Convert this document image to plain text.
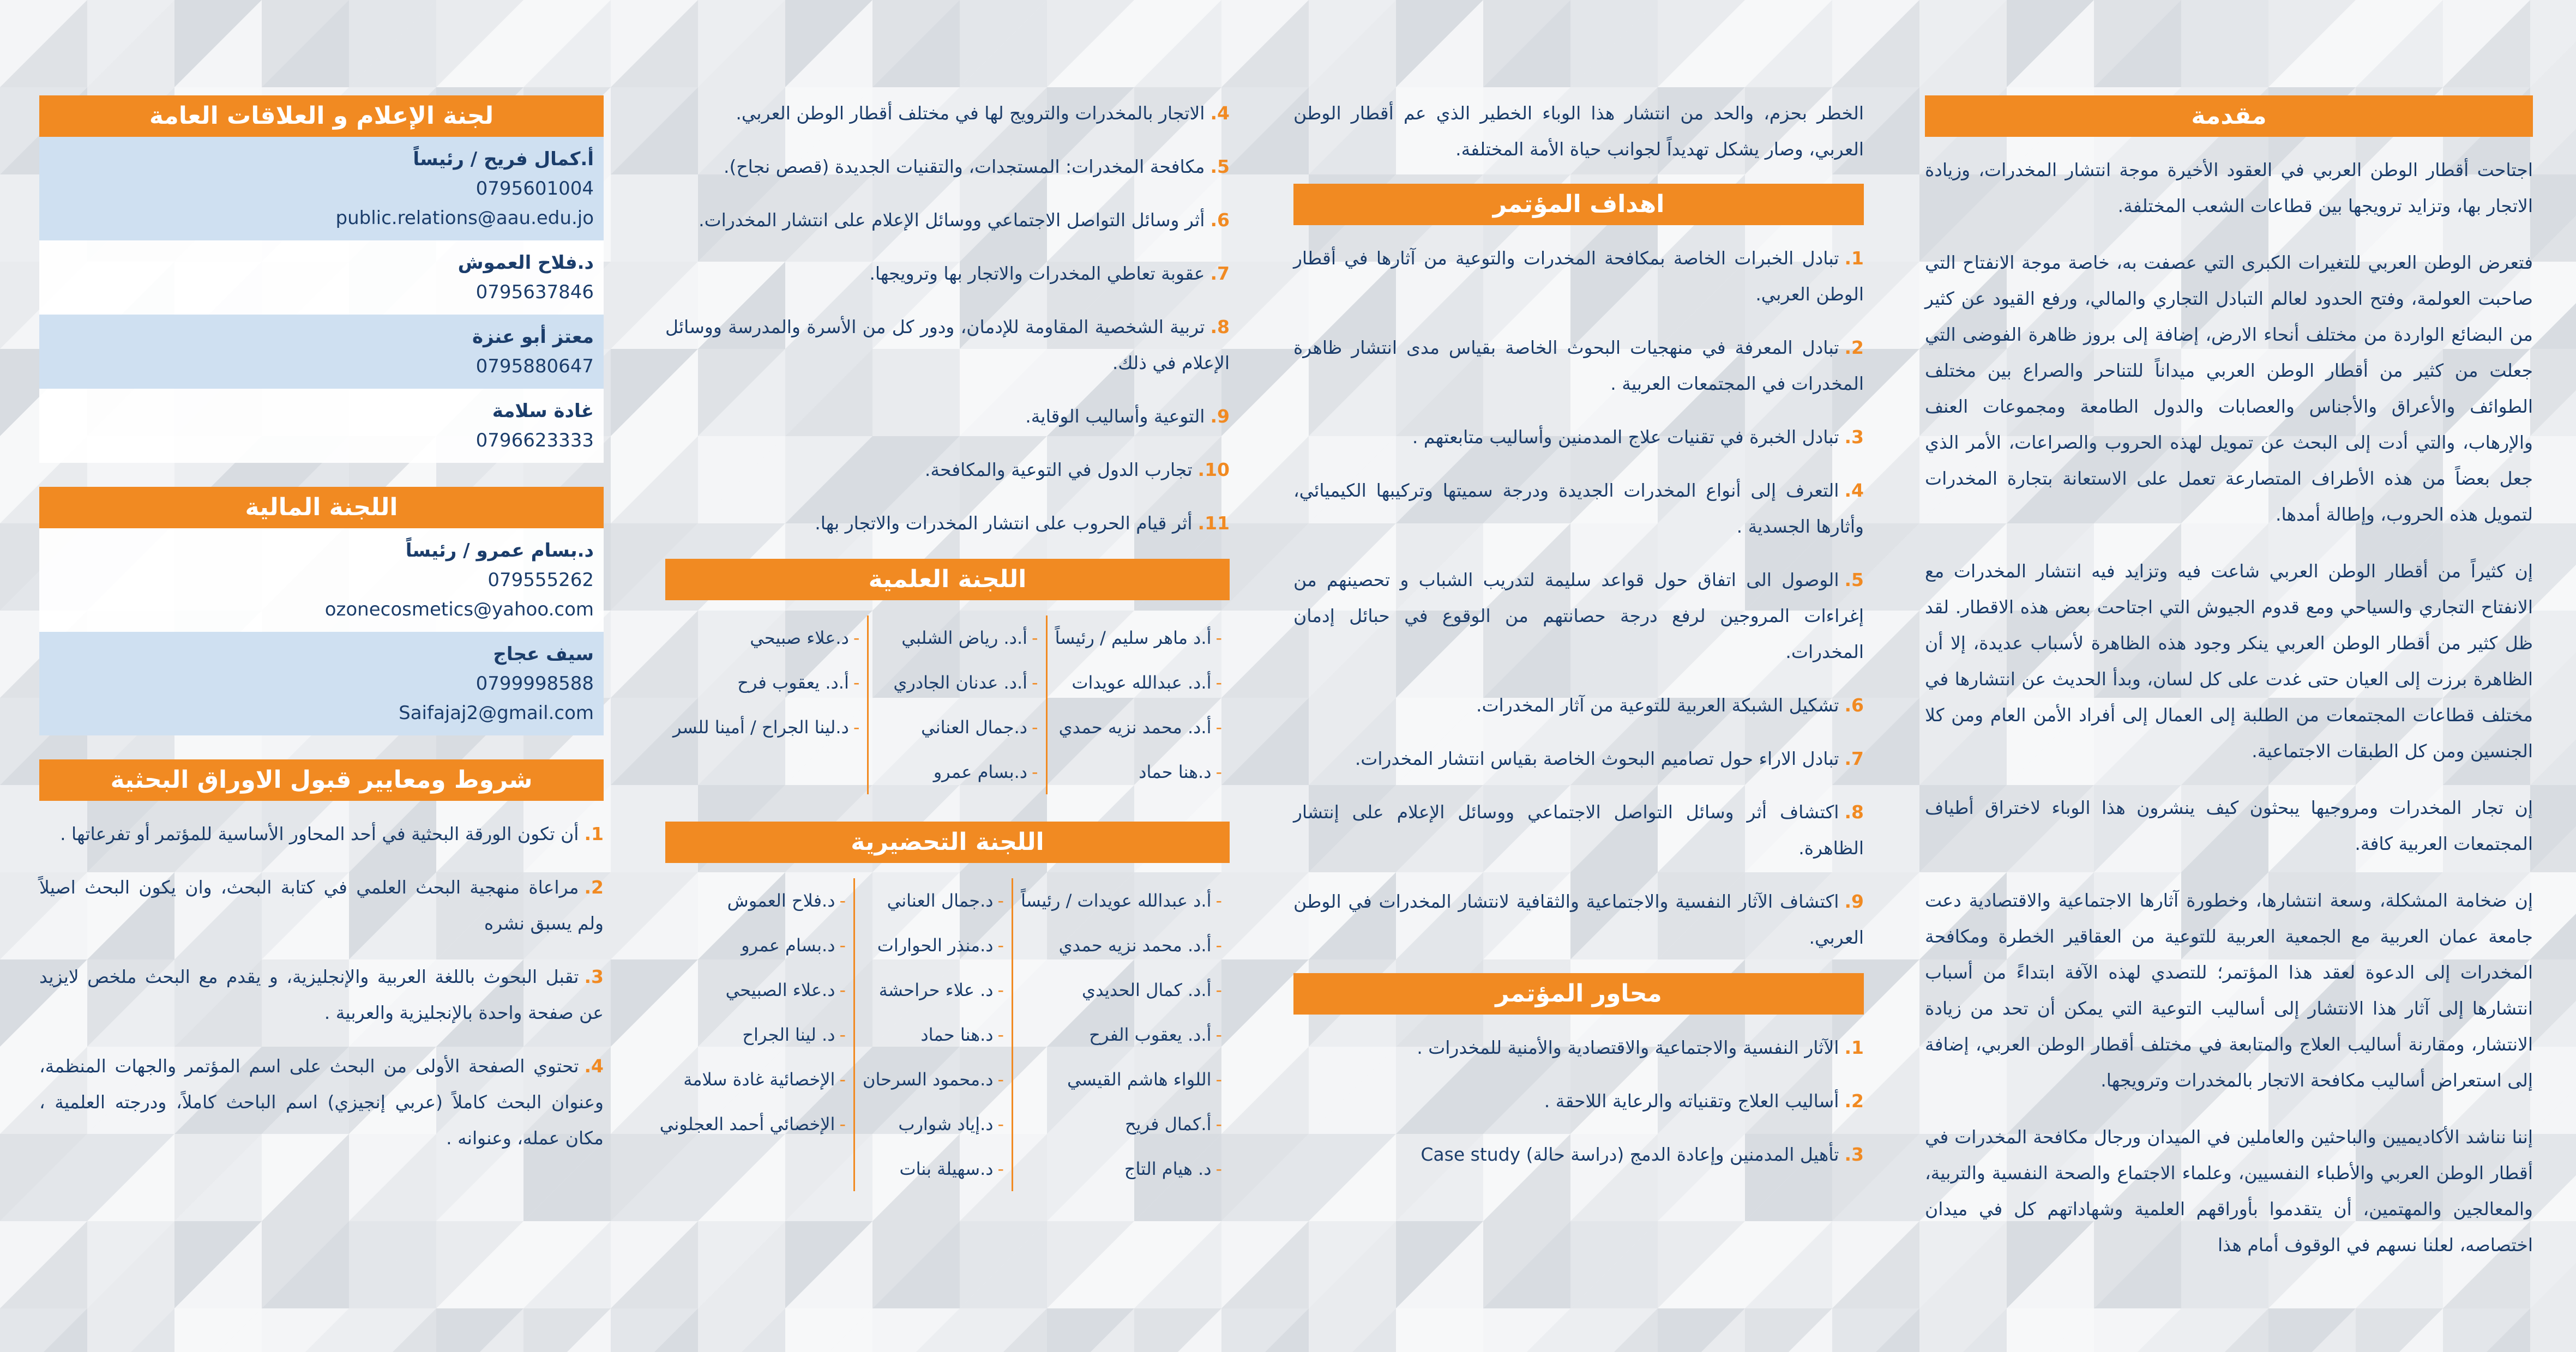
مقدمة

اجتاحت أقطار الوطن العربي في العقود الأخيرة موجة انتشار المخدرات، وزيادة الاتجار بها، وتزايد ترويجها بين قطاعات الشعب المختلفة.

فتعرض الوطن العربي للتغيرات الكبرى التي عصفت به، خاصة موجة الانفتاح التي صاحبت العولمة، وفتح الحدود لعالم التبادل التجاري والمالي، ورفع القيود عن كثير من البضائع الواردة من مختلف أنحاء الارض، إضافة إلى بروز ظاهرة الفوضى التي جعلت من كثير من أقطار الوطن العربي ميداناً للتناحر والصراع بين مختلف الطوائف والأعراق والأجناس والعصابات والدول الطامعة ومجموعات العنف والإرهاب، والتي أدت إلى البحث عن تمويل لهذه الحروب والصراعات، الأمر الذي جعل بعضاً من هذه الأطراف المتصارعة تعمل على الاستعانة بتجارة المخدرات لتمويل هذه الحروب، وإطالة أمدها.

إن كثيراً من أقطار الوطن العربي شاعت فيه وتزايد فيه انتشار المخدرات مع الانفتاح التجاري والسياحي ومع قدوم الجيوش التي اجتاحت بعض هذه الاقطار. لقد ظل كثير من أقطار الوطن العربي ينكر وجود هذه الظاهرة لأسباب عديدة، إلا أن الظاهرة برزت إلى العيان حتى غدت على كل لسان، وبدأ الحديث عن انتشارها في مختلف قطاعات المجتمعات من الطلبة إلى العمال إلى أفراد الأمن العام ومن كلا الجنسين ومن كل الطبقات الاجتماعية.

إن تجار المخدرات ومروجيها يبحثون كيف ينشرون هذا الوباء لاختراق أطياف المجتمعات العربية كافة.

إن ضخامة المشكلة، وسعة انتشارها، وخطورة آثارها الاجتماعية والاقتصادية دعت جامعة عمان العربية مع الجمعية العربية للتوعية من العقاقير الخطرة ومكافحة المخدرات إلى الدعوة لعقد هذا المؤتمر؛ للتصدي لهذه الآفة ابتداءً من أسباب انتشارها إلى آثار هذا الانتشار إلى أساليب التوعية التي يمكن أن تحد من زيادة الانتشار، ومقارنة أساليب العلاج والمتابعة في مختلف أقطار الوطن العربي، إضافة إلى استعراض أساليب مكافحة الاتجار بالمخدرات وترويجها.

إننا نناشد الأكاديميين والباحثين والعاملين في الميدان ورجال مكافحة المخدرات في أقطار الوطن العربي والأطباء النفسيين، وعلماء الاجتماع والصحة النفسية والتربية، والمعالجين والمهتمين، أن يتقدموا بأوراقهم العلمية وشهاداتهم كل في ميدان اختصاصه، لعلنا نسهم في الوقوف أمام هذا

الخطر بحزم، والحد من انتشار هذا الوباء الخطير الذي عم أقطار الوطن العربي، وصار يشكل تهديداً لجوانب حياة الأمة المختلفة.

اهداف المؤتمر
1.تبادل الخبرات الخاصة بمكافحة المخدرات والتوعية من آثارها في أقطار الوطن العربي.
2.تبادل المعرفة في منهجيات البحوث الخاصة بقياس مدى انتشار ظاهرة المخدرات في المجتمعات العربية .
3.تبادل الخبرة في تقنيات علاج المدمنين وأساليب متابعتهم .
4.التعرف إلى أنواع المخدرات الجديدة ودرجة سميتها وتركيبها الكيميائي، وأثارها الجسدية .
5.الوصول الى اتفاق حول قواعد سليمة لتدريب الشباب و تحصينهم من إغراءات المروجين لرفع درجة حصانتهم من الوقوع في حبائل إدمان المخدرات.
6.تشكيل الشبكة العربية للتوعية من آثار المخدرات.
7.تبادل الاراء حول تصاميم البحوث الخاصة بقياس انتشار المخدرات.
8.اكتشاف أثر وسائل التواصل الاجتماعي ووسائل الإعلام على إنتشار الظاهرة.
9.اكتشاف الآثار النفسية والاجتماعية والثقافية لانتشار المخدرات في الوطن العربي.
محاور المؤتمر
1.الآثار النفسية والاجتماعية والاقتصادية والأمنية للمخدرات .
2.أساليب العلاج وتقنياته والرعاية اللاحقة .
3.تأهيل المدمنين وإعادة الدمج (دراسة حالة) Case study
4.الاتجار بالمخدرات والترويج لها في مختلف أقطار الوطن العربي.
5.مكافحة المخدرات: المستجدات، والتقنيات الجديدة (قصص نجاح).
6.أثر وسائل التواصل الاجتماعي ووسائل الإعلام على انتشار المخدرات.
7.عقوبة تعاطي المخدرات والاتجار بها وترويجها.
8.تربية الشخصية المقاومة للإدمان، ودور كل من الأسرة والمدرسة ووسائل الإعلام في ذلك.
9.التوعية وأساليب الوقاية.
10.تجارب الدول في التوعية والمكافحة.
11.أثر قيام الحروب على انتشار المخدرات والاتجار بها.
اللجنة العلمية
-أ.د ماهر سليم / رئيساً
-أ.د. عبدالله عويدات
-أ.د. محمد نزيه حمدي
-د.هنا حماد
-أ.د. رياض الشلبي
-أ.د. عدنان الجادري
-د.جمال العناني
-د.بسام عمرو
-د.علاء صبيحي
-أ.د. يعقوب فرح
-د.لينا الجراح / أمينا للسر
اللجنة التحضيرية
-أ.د عبدالله عويدات / رئيساً
-أ.د. محمد نزيه حمدي
-أ.د. كمال الحديدي
-أ.د. يعقوب الفرح
-اللواء هاشم القيسي
-أ.كمال فريح
-د. هيام التاج
-د.جمال العناني
-د.منذر الحوارات
-د. علاء حراحشة
-د.هنا حماد
-د.محمود السرحان
-د.إياد شوارب
-د.سهيلة بنات
-د.فلاح العموش
-د.بسام عمرو
-د.علاء الصبيحي
-د. لينا الجراح
-الإخصائية غادة سلامة
-الإخصائي أحمد العجلوني
لجنة الإعلام و العلاقات العامة
أ.كمال فريح / رئيساً
0795601004
public.relations@aau.edu.jo
د.فلاح العموش
0795637846
معتز أبو عنزة
0795880647
غادة سلامة
0796623333
اللجنة المالية
د.بسام عمرو / رئيساً
079555262
ozonecosmetics@yahoo.com
سيف عجاج
0799998588
Saifajaj2@gmail.com
شروط ومعايير قبول الاوراق البحثية
1.أن تكون الورقة البحثية في أحد المحاور الأساسية للمؤتمر أو تفرعاتها .
2.مراعاة منهجية البحث العلمي في كتابة البحث، وان يكون البحث اصيلاً ولم يسبق نشره
3.تقبل البحوث باللغة العربية والإنجليزية، و يقدم مع البحث ملخص لايزيد عن صفحة واحدة بالإنجليزية والعربية .
4.تحتوي الصفحة الأولى من البحث على اسم المؤتمر والجهات المنظمة، وعنوان البحث كاملاً (عربي إنجيزي) اسم الباحث كاملاً، ودرجته العلمية ، مكان عمله، وعنوانه .
